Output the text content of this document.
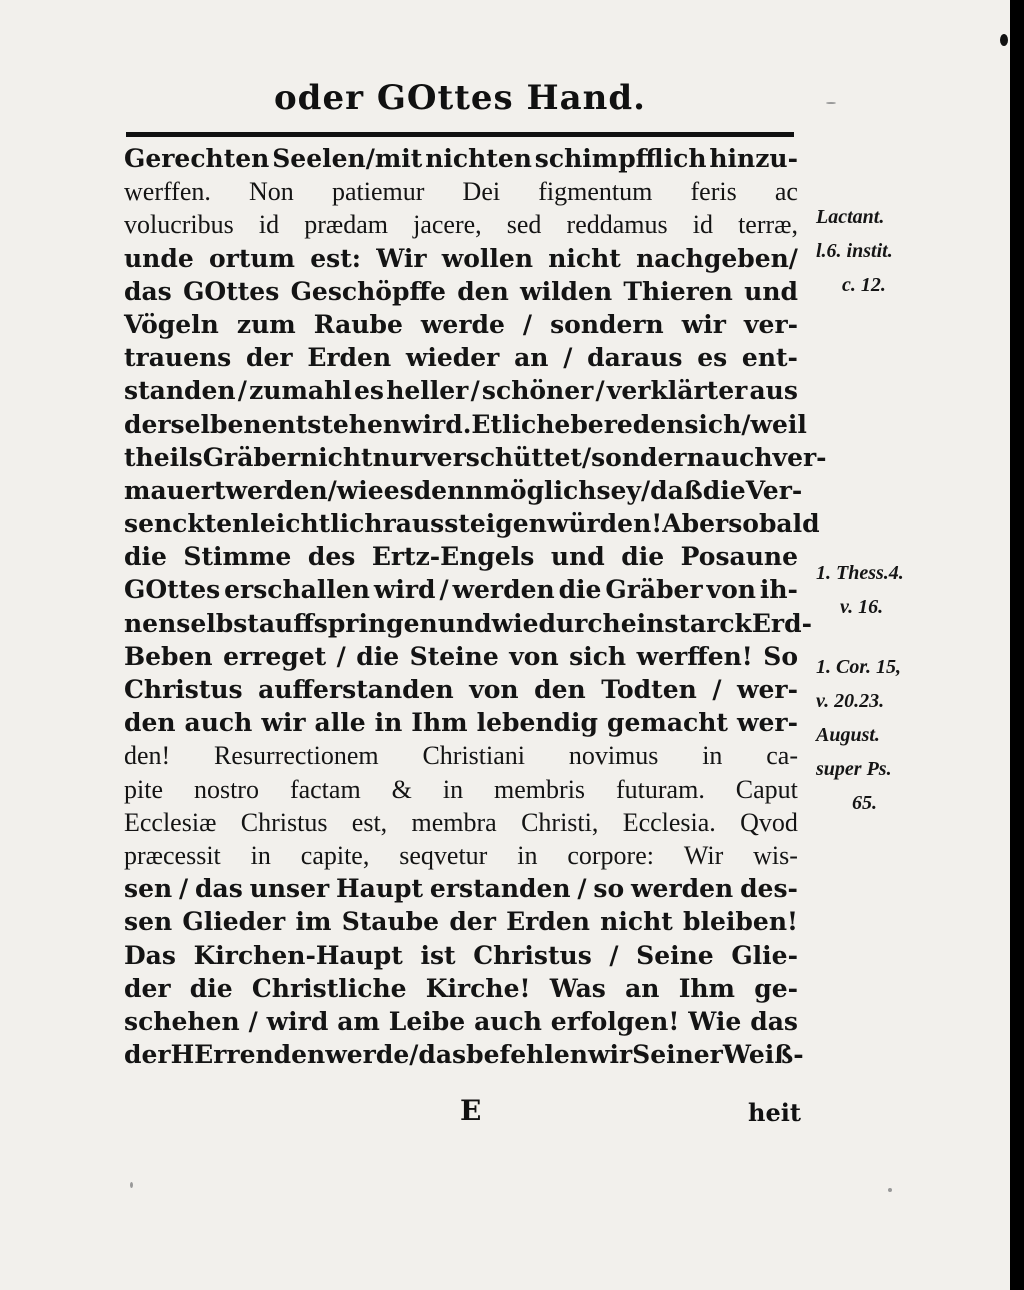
oder GOttes Hand.
Gerechten Seelen/mit nichten schimpfflich hinzu-
werffen. Non patiemur Dei figmentum feris ac
volucribus id prædam jacere, sed reddamus id terræ,
unde ortum est: Wir wollen nicht nachgeben/
das GOttes Geschöpffe den wilden Thieren und
Vögeln zum Raube werde / sondern wir ver-
trauens der Erden wieder an / daraus es ent-
standen / zumahl es heller / schöner / verklärter aus
derselben entstehen wird. Etliche bereden sich / weil
theils Gräber nicht nur verschüttet / sondern auch ver-
mauert werden / wie es denn möglich sey / daß die Ver-
senckten leichtlich raus steigen würden! Aber so bald
die Stimme des Ertz-Engels und die Posaune
GOttes erschallen wird / werden die Gräber von ih-
nen selbst auffspringen und wie durch ein starck Erd-
Beben erreget / die Steine von sich werffen! So
Christus aufferstanden von den Todten / wer-
den auch wir alle in Ihm lebendig gemacht wer-
den! Resurrectionem Christiani novimus in ca-
pite nostro factam & in membris futuram. Caput
Ecclesiæ Christus est, membra Christi, Ecclesia. Qvod
præcessit in capite, seqvetur in corpore: Wir wis-
sen / das unser Haupt erstanden / so werden des-
sen Glieder im Staube der Erden nicht bleiben!
Das Kirchen-Haupt ist Christus / Seine Glie-
der die Christliche Kirche! Was an Ihm ge-
schehen / wird am Leibe auch erfolgen! Wie das
der HErr enden werde/das befehlen wir Seiner Weiß-
Lactant.
l.6. instit.
c. 12.
1. Thess.4.
v. 16.
1. Cor. 15,
v. 20.23.
August.
super Ps.
65.
E	heit
